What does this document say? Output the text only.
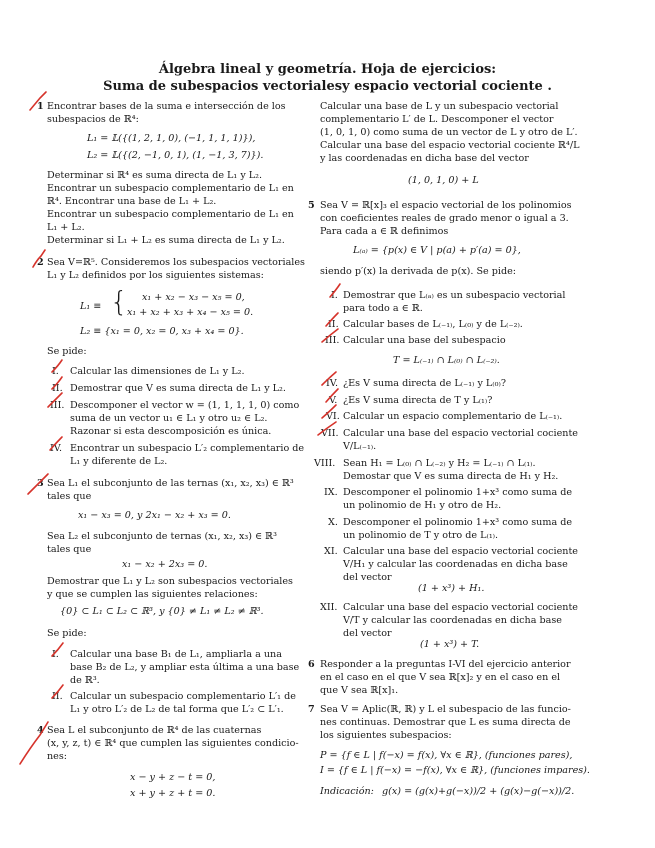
Álgebra lineal y geometría. Hoja de ejercicios:
Suma de subespacios vectorialesy espacio vectorial cociente .
1 Encontrar bases de la suma e intersección de los
subespacios de ℝ⁴:
L₁ = 𝕃({(1, 2, 1, 0), (−1, 1, 1, 1)}),
L₂ = 𝕃({(2, −1, 0, 1), (1, −1, 3, 7)}).
Determinar si ℝ⁴ es suma directa de L₁ y L₂.
Encontrar un subespacio complementario de L₁ en
ℝ⁴. Encontrar una base de L₁ + L₂.
Encontrar un subespacio complementario de L₁ en
L₁ + L₂.
Determinar si L₁ + L₂ es suma directa de L₁ y L₂.
2 Sea V=ℝ⁵. Consideremos los subespacios vectoriales
L₁ y L₂ definidos por los siguientes sistemas:
L₁ ≡ { x₁ + x₂ − x₃ − x₅ = 0,
x₁ + x₂ + x₃ + x₄ − x₅ = 0.
L₂ ≡ {x₁ = 0, x₂ = 0, x₃ + x₄ = 0}.
Se pide:
I. Calcular las dimensiones de L₁ y L₂.
II. Demostrar que V es suma directa de L₁ y L₂.
III. Descomponer el vector w = (1, 1, 1, 1, 0) como
suma de un vector u₁ ∈ L₁ y otro u₂ ∈ L₂.
Razonar si esta descomposición es única.
IV. Encontrar un subespacio L′₂ complementario de
L₁ y diferente de L₂.
3 Sea L₁ el subconjunto de las ternas (x₁, x₂, x₃) ∈ ℝ³
tales que
x₁ − x₃ = 0, y 2x₁ − x₂ + x₃ = 0.
Sea L₂ el subconjunto de ternas (x₁, x₂, x₃) ∈ ℝ³
tales que
x₁ − x₂ + 2x₃ = 0.
Demostrar que L₁ y L₂ son subespacios vectoriales
y que se cumplen las siguientes relaciones:
{0} ⊂ L₁ ⊂ L₂ ⊂ ℝ³, y {0} ≠ L₁ ≠ L₂ ≠ ℝ³.
Se pide:
I. Calcular una base B₁ de L₁, ampliarla a una
base B₂ de L₂, y ampliar esta última a una base
de ℝ³.
II. Calcular un subespacio complementario L′₁ de
L₁ y otro L′₂ de L₂ de tal forma que L′₂ ⊂ L′₁.
4 Sea L el subconjunto de ℝ⁴ de las cuaternas
(x, y, z, t) ∈ ℝ⁴ que cumplen las siguientes condicio-
nes:
x − y + z − t = 0,
x + y + z + t = 0.
Calcular una base de L y un subespacio vectorial
complementario L′ de L. Descomponer el vector
(1, 0, 1, 0) como suma de un vector de L y otro de L′.
Calcular una base del espacio vectorial cociente ℝ⁴/L
y las coordenadas en dicha base del vector
(1, 0, 1, 0) + L
5 Sea V = ℝ[x]₃ el espacio vectorial de los polinomios
con coeficientes reales de grado menor o igual a 3.
Para cada a ∈ ℝ definimos
L₍ₐ₎ = {p(x) ∈ V | p(a) + p′(a) = 0},
siendo p′(x) la derivada de p(x). Se pide:
I. Demostrar que L₍ₐ₎ es un subespacio vectorial
para todo a ∈ ℝ.
II. Calcular bases de L₍₋₁₎, L₍₀₎ y de L₍₋₂₎.
III. Calcular una base del subespacio
T = L₍₋₁₎ ∩ L₍₀₎ ∩ L₍₋₂₎.
IV. ¿Es V suma directa de L₍₋₁₎ y L₍₀₎?
V. ¿Es V suma directa de T y L₍₁₎?
VI. Calcular un espacio complementario de L₍₋₁₎.
VII. Calcular una base del espacio vectorial cociente
V/L₍₋₁₎.
VIII. Sean H₁ = L₍₀₎ ∩ L₍₋₂₎ y H₂ = L₍₋₁₎ ∩ L₍₁₎.
Demostar que V es suma directa de H₁ y H₂.
IX. Descomponer el polinomio 1+x³ como suma de
un polinomio de H₁ y otro de H₂.
X. Descomponer el polinomio 1+x³ como suma de
un polinomio de T y otro de L₍₁₎.
XI. Calcular una base del espacio vectorial cociente
V/H₁ y calcular las coordenadas en dicha base
del vector
(1 + x³) + H₁.
XII. Calcular una base del espacio vectorial cociente
V/T y calcular las coordenadas en dicha base
del vector
(1 + x³) + T.
6 Responder a la preguntas I-VI del ejercicio anterior
en el caso en el que V sea ℝ[x]₂ y en el caso en el
que V sea ℝ[x]₁.
7 Sea V = Aplic(ℝ, ℝ) y L el subespacio de las funcio-
nes continuas. Demostrar que L es suma directa de
los siguientes subespacios:
P = {f ∈ L | f(−x) = f(x), ∀x ∈ ℝ}, (funciones pares),
I = {f ∈ L | f(−x) = −f(x), ∀x ∈ ℝ}, (funciones impares).
Indicación: g(x) = (g(x)+g(−x))/2 + (g(x)−g(−x))/2.
